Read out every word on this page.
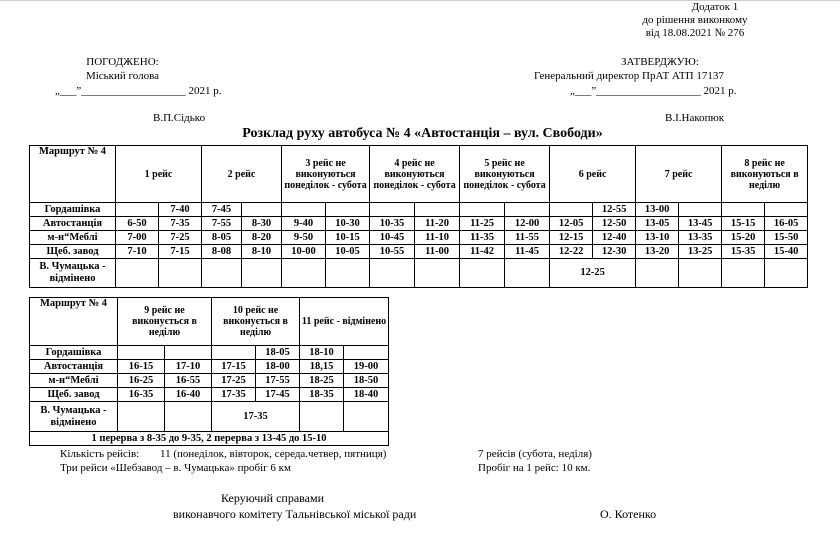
Додаток 1
до рішення виконкому
від 18.08.2021 № 276
ПОГОДЖЕНО:
Міський голова
„___”___________________ 2021 р.
В.П.Сідько
ЗАТВЕРДЖУЮ:
Генеральний директор ПрАТ АТП 17137
„___”___________________ 2021 р.
В.І.Накопюк
Розклад руху автобуса № 4 «Автостанція – вул. Свободи»
Маршрут № 4	1 рейс		2 рейс		3 рейс не виконуються понеділок - субота		4 рейс не виконуються понеділок - субота		5 рейс не виконуються понеділок - субота		6 рейс		7 рейс		8 рейс не виконуються в неділю	
Гордашівка		7-40	7-45									12-55	13-00			
Автостанція	6-50	7-35	7-55	8-30	9-40	10-30	10-35	11-20	11-25	12-00	12-05	12-50	13-05	13-45	15-15	16-05
м-н“Меблі	7-00	7-25	8-05	8-20	9-50	10-15	10-45	11-10	11-35	11-55	12-15	12-40	13-10	13-35	15-20	15-50
Щеб. завод	7-10	7-15	8-08	8-10	10-00	10-05	10-55	11-00	11-42	11-45	12-22	12-30	13-20	13-25	15-35	15-40
В. Чумацька - відмінено											12-25					
Маршрут № 4	9 рейс не виконується в неділю		10 рейс не виконується в неділю		11 рейс - відмінено	
Гордашівка				18-05	18-10	
Автостанція	16-15	17-10	17-15	18-00	18,15	19-00
м-н“Меблі	16-25	16-55	17-25	17-55	18-25	18-50
Щеб. завод	16-35	16-40	17-35	17-45	18-35	18-40
В. Чумацька - відмінено			17-35			
1 перерва з 8-35 до 9-35, 2 перерва з 13-45 до 15-10						
Кількість рейсів: 11 (понеділок, вівторок, середа.четвер, пятниця)	7 рейсів (субота, неділя)
Три рейси «Шебзавод – в. Чумацька» пробіг 6 км	Пробіг на 1 рейс: 10 км.
Керуючий справами
виконавчого комітету Тальнівської міської ради	О. Котенко
